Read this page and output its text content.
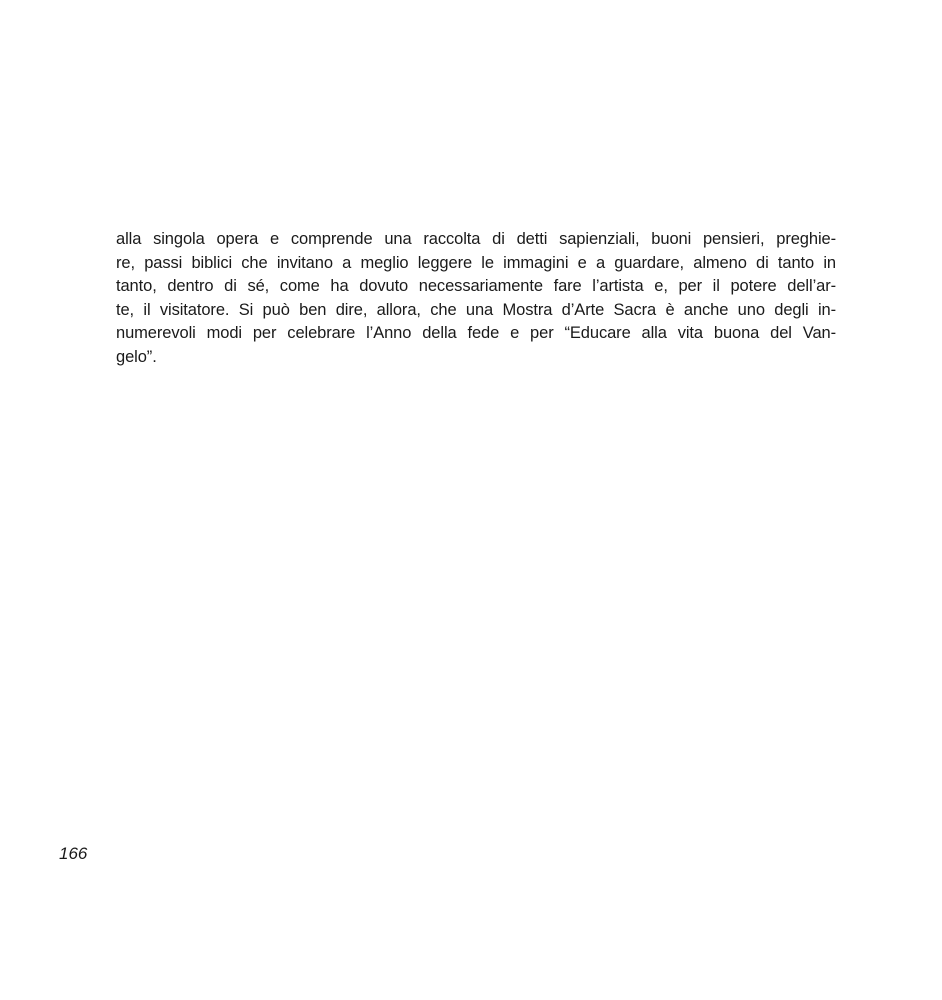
alla singola opera e comprende una raccolta di detti sapienziali, buoni pensieri, preghie-
re, passi biblici che invitano a meglio leggere le immagini e a guardare, almeno di tanto in
tanto, dentro di sé, come ha dovuto necessariamente fare l’artista e, per il potere dell’ar-
te, il visitatore. Si può ben dire, allora, che una Mostra d’Arte Sacra è anche uno degli in-
numerevoli modi per celebrare l’Anno della fede e per “Educare alla vita buona del Van-
gelo”.
166
